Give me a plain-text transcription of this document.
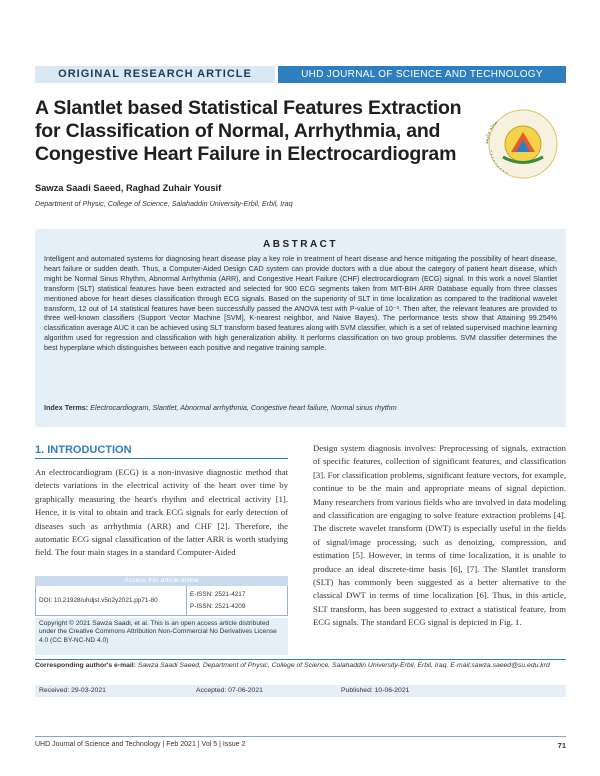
ORIGINAL RESEARCH ARTICLE	UHD JOURNAL OF SCIENCE AND TECHNOLOGY
A Slantlet based Statistical Features Extraction for Classification of Normal, Arrhythmia, and Congestive Heart Failure in Electrocardiogram
مجلة جامعة
• • • • • • • • •
Sawza Saadi Saeed, Raghad Zuhair Yousif
Department of Physic, College of Science, Salahaddin University-Erbil, Erbil, Iraq
ABSTRACT
Intelligent and automated systems for diagnosing heart disease play a key role in treatment of heart disease and hence mitigating the possibility of heart disease, heart failure or sudden death. Thus, a Computer-Aided Design CAD system can provide doctors with a clue about the category of patient heart disease, which might be Normal Sinus Rhythm, Abnormal Arrhythmia (ARR), and Congestive Heart Failure (CHF) electrocardiogram (ECG) signal. In this work a novel Slantlet transform (SLT) statistical features have been extracted and selected for 900 ECG segments taken from MIT-BIH ARR Database equally from three classes mentioned above for heart dieses classification through ECG signals. Based on the superiority of SLT in time localization as compared to the traditional wavelet transform, 12 out of 14 statistical features have been successfully passed the ANOVA test with P-value of 10⁻³. Then after, the relevant features are provided to three well-known classifiers (Support Vector Machine [SVM], K-nearest neighbor, and Naive Bayes). The performance tests show that Attaining 99.254% classification average AUC it can be achieved using SLT transform based features along with SVM classifier, which is a set of related supervised machine learning algorithm used for regression and classification with high generalization ability. It performs classification on two group problems. SVM classifier determines the best hyperplane which distinguishes between each positive and negative training sample.
Index Terms: Electrocardiogram, Slantlet, Abnormal arrhythmia, Congestive heart failure, Normal sinus rhythm
1. INTRODUCTION
An electrocardiogram (ECG) is a non-invasive diagnostic method that detects variations in the electrical activity of the heart over time by graphically measuring the heart's rhythm and electrical activity [1]. Hence, it is vital to obtain and track ECG signals for early detection of diseases such as arrhythmia (ARR) and CHF [2]. Therefore, the automatic ECG signal classification of the latter ARR is worth studying field. The four main stages in a standard Computer-Aided
Design system diagnosis involves: Preprocessing of signals, extraction of specific features, collection of significant features, and classification [3]. For classification problems, significant feature vectors, for example, continue to be the main and appropriate means of signal depiction. Many researchers from various fields who are involved in data modeling and classification are engaging to solve feature extraction problems [4]. The discrete wavelet transform (DWT) is especially useful in the fields of signal/image processing, such as denoizing, compression, and estimation [5]. However, in terms of time localization, it is unable to produce an ideal discrete-time basis [6], [7]. The Slantlet transform (SLT) has commonly been suggested as a better alternative to the classical DWT in terms of time localization [6]. Thus, in this article, SLT transform, has been suggested to extract a statistical feature, from ECG signals. The standard ECG signal is depicted in Fig. 1.
Access this article online
DOI: 10.21928/uhdjst.v5n2y2021.pp71-80
E-ISSN: 2521-4217
P-ISSN: 2521-4209
Copyright © 2021 Sawza Saadi, et al. This is an open access article distributed under the Creative Commons Attribution Non-Commercial No Derivatives License 4.0 (CC BY-NC-ND 4.0)
Corresponding author's e-mail: Sawza Saadi Saeed, Department of Physic, College of Science, Salahaddin University-Erbil, Erbil, Iraq. E-mail:sawza.saeed@su.edu.krd
Received: 29-03-2021	Accepted: 07-06-2021	Published: 10-06-2021
UHD Journal of Science and Technology | Feb 2021 | Vol 5 | Issue 2	71
